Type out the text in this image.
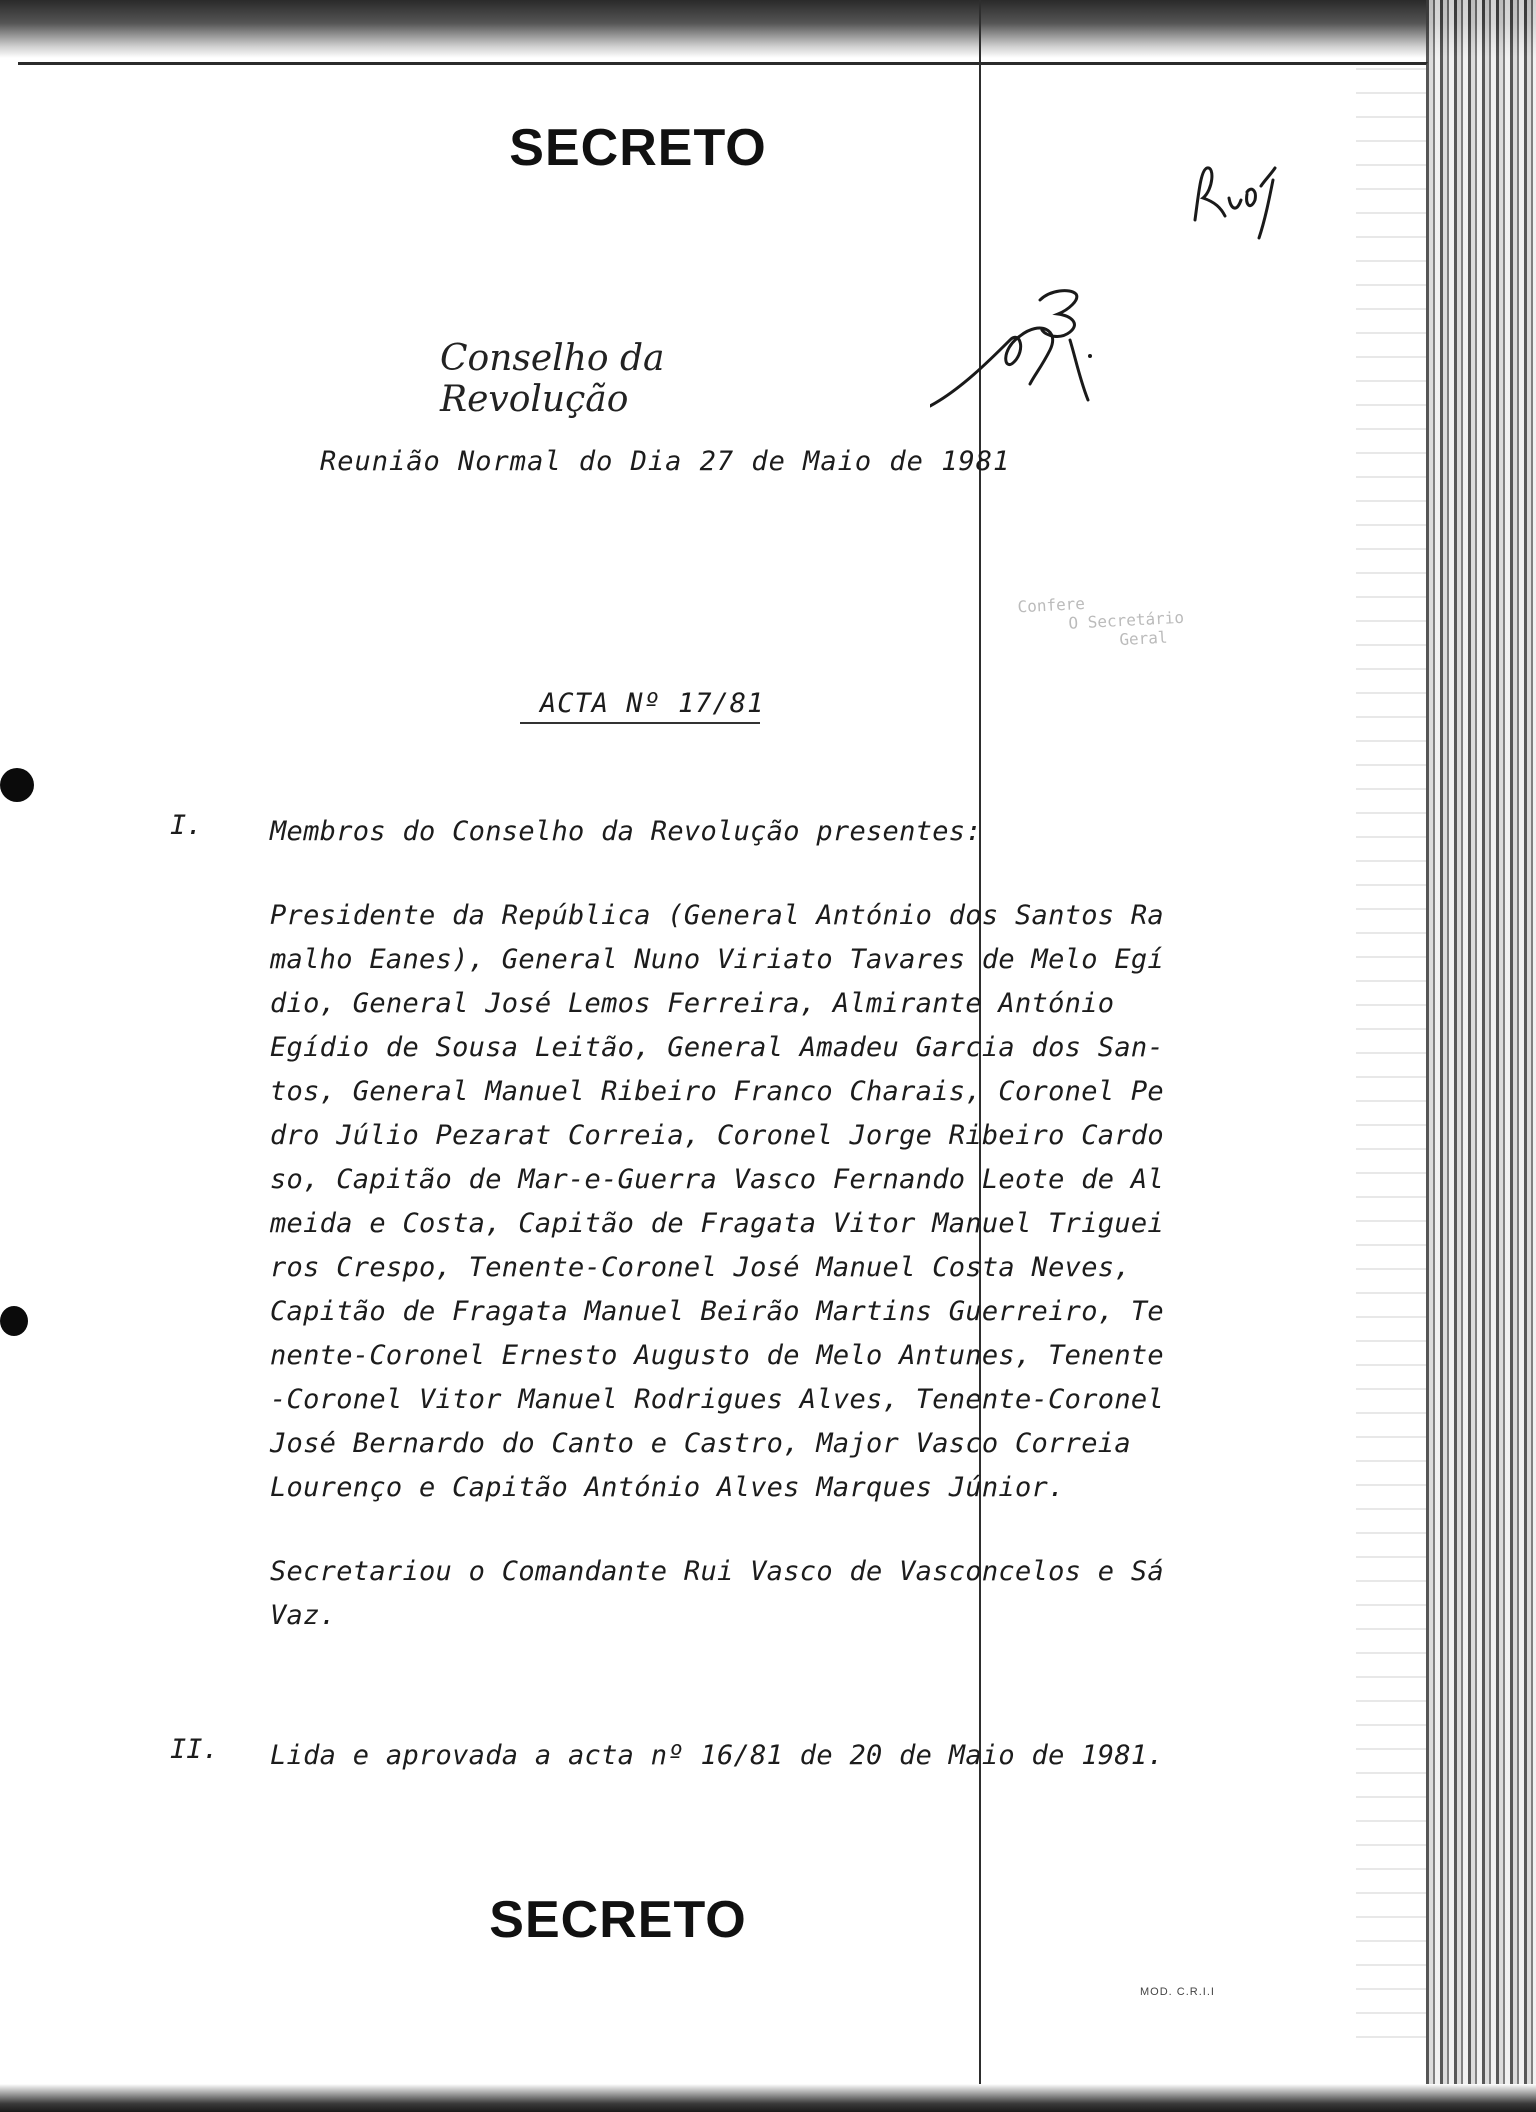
SECRETO
Conselho da Revolução
Reunião Normal do Dia 27 de Maio de 1981
Confere
O Secretário
Geral
ACTA Nº 17/81
I. Membros do Conselho da Revolução presentes:
Presidente da República (General António dos Santos Ra
malho Eanes), General Nuno Viriato Tavares de Melo Egí
dio, General José Lemos Ferreira, Almirante António
Egídio de Sousa Leitão, General Amadeu Garcia dos San-
tos, General Manuel Ribeiro Franco Charais, Coronel Pe
dro Júlio Pezarat Correia, Coronel Jorge Ribeiro Cardo
so, Capitão de Mar-e-Guerra Vasco Fernando Leote de Al
meida e Costa, Capitão de Fragata Vitor Manuel Triguei
ros Crespo, Tenente-Coronel José Manuel Costa Neves,
Capitão de Fragata Manuel Beirão Martins Guerreiro, Te
nente-Coronel Ernesto Augusto de Melo Antunes, Tenente
-Coronel Vitor Manuel Rodrigues Alves, Tenente-Coronel
José Bernardo do Canto e Castro, Major Vasco Correia
Lourenço e Capitão António Alves Marques Júnior.
Secretariou o Comandante Rui Vasco de Vasconcelos e Sá
Vaz.
II. Lida e aprovada a acta nº 16/81 de 20 de Maio de 1981.
SECRETO
MOD. C.R.I.I
